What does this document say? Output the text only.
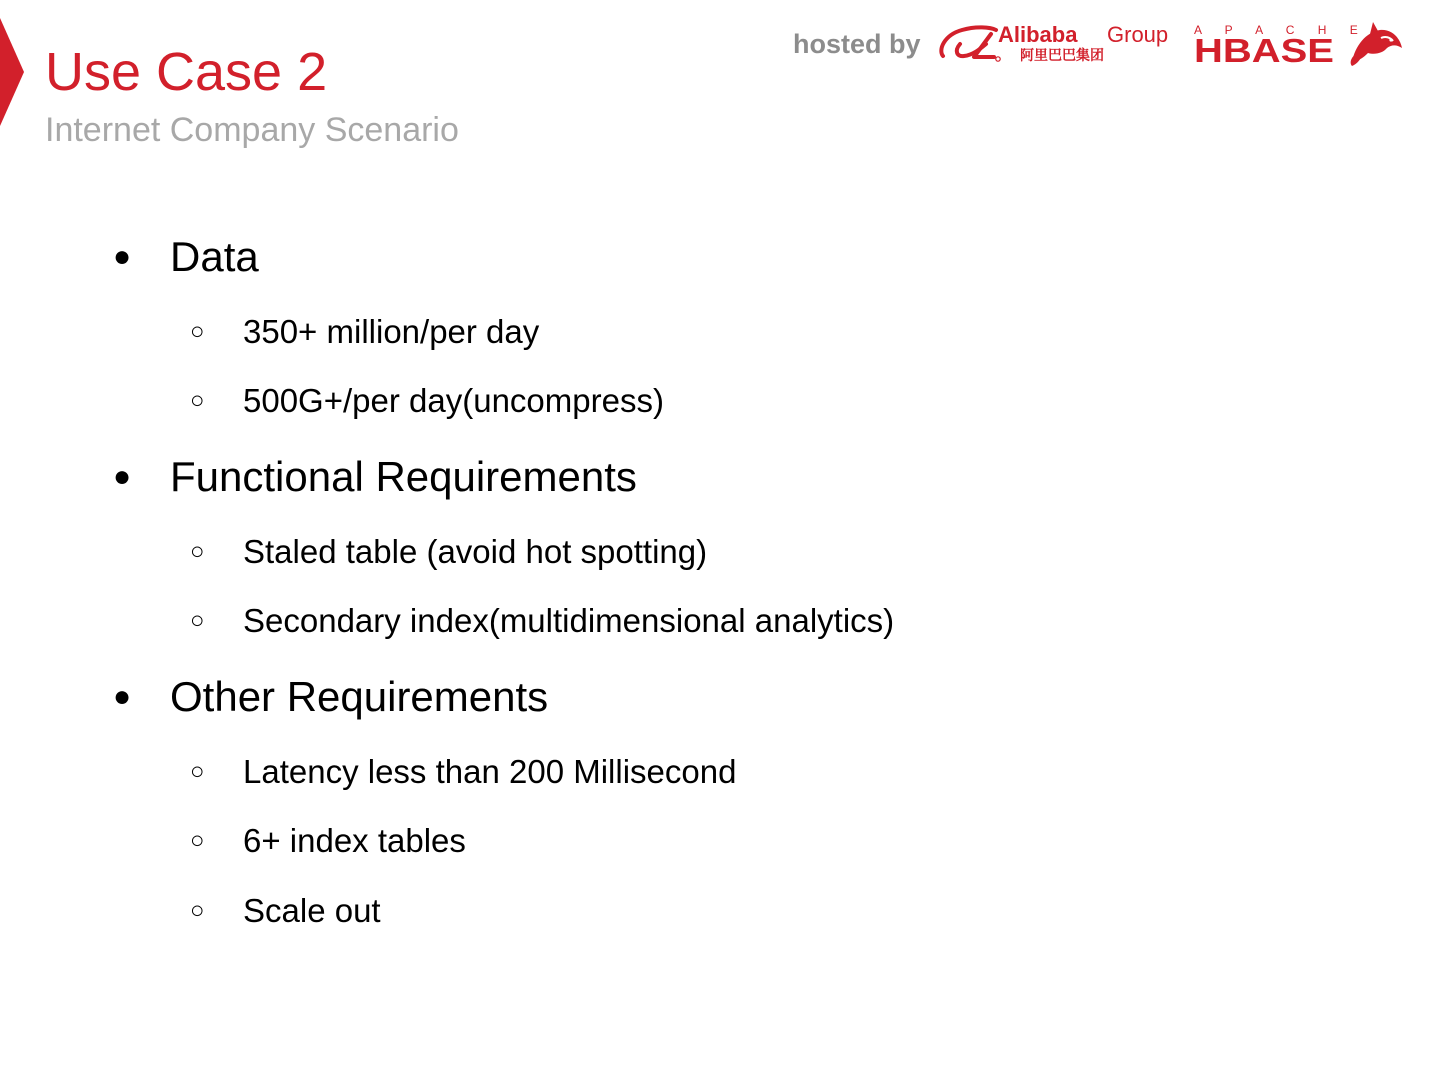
Use Case 2

Internet Company Scenario

hosted by	Alibaba Group
阿里巴巴集团
A P A C H E
HBASE
● Data
○ 350+ million/per day
○ 500G+/per day(uncompress)
● Functional Requirements
○ Staled table (avoid hot spotting)
○ Secondary index(multidimensional analytics)
● Other Requirements
○ Latency less than 200 Millisecond
○ 6+ index tables
○ Scale out
